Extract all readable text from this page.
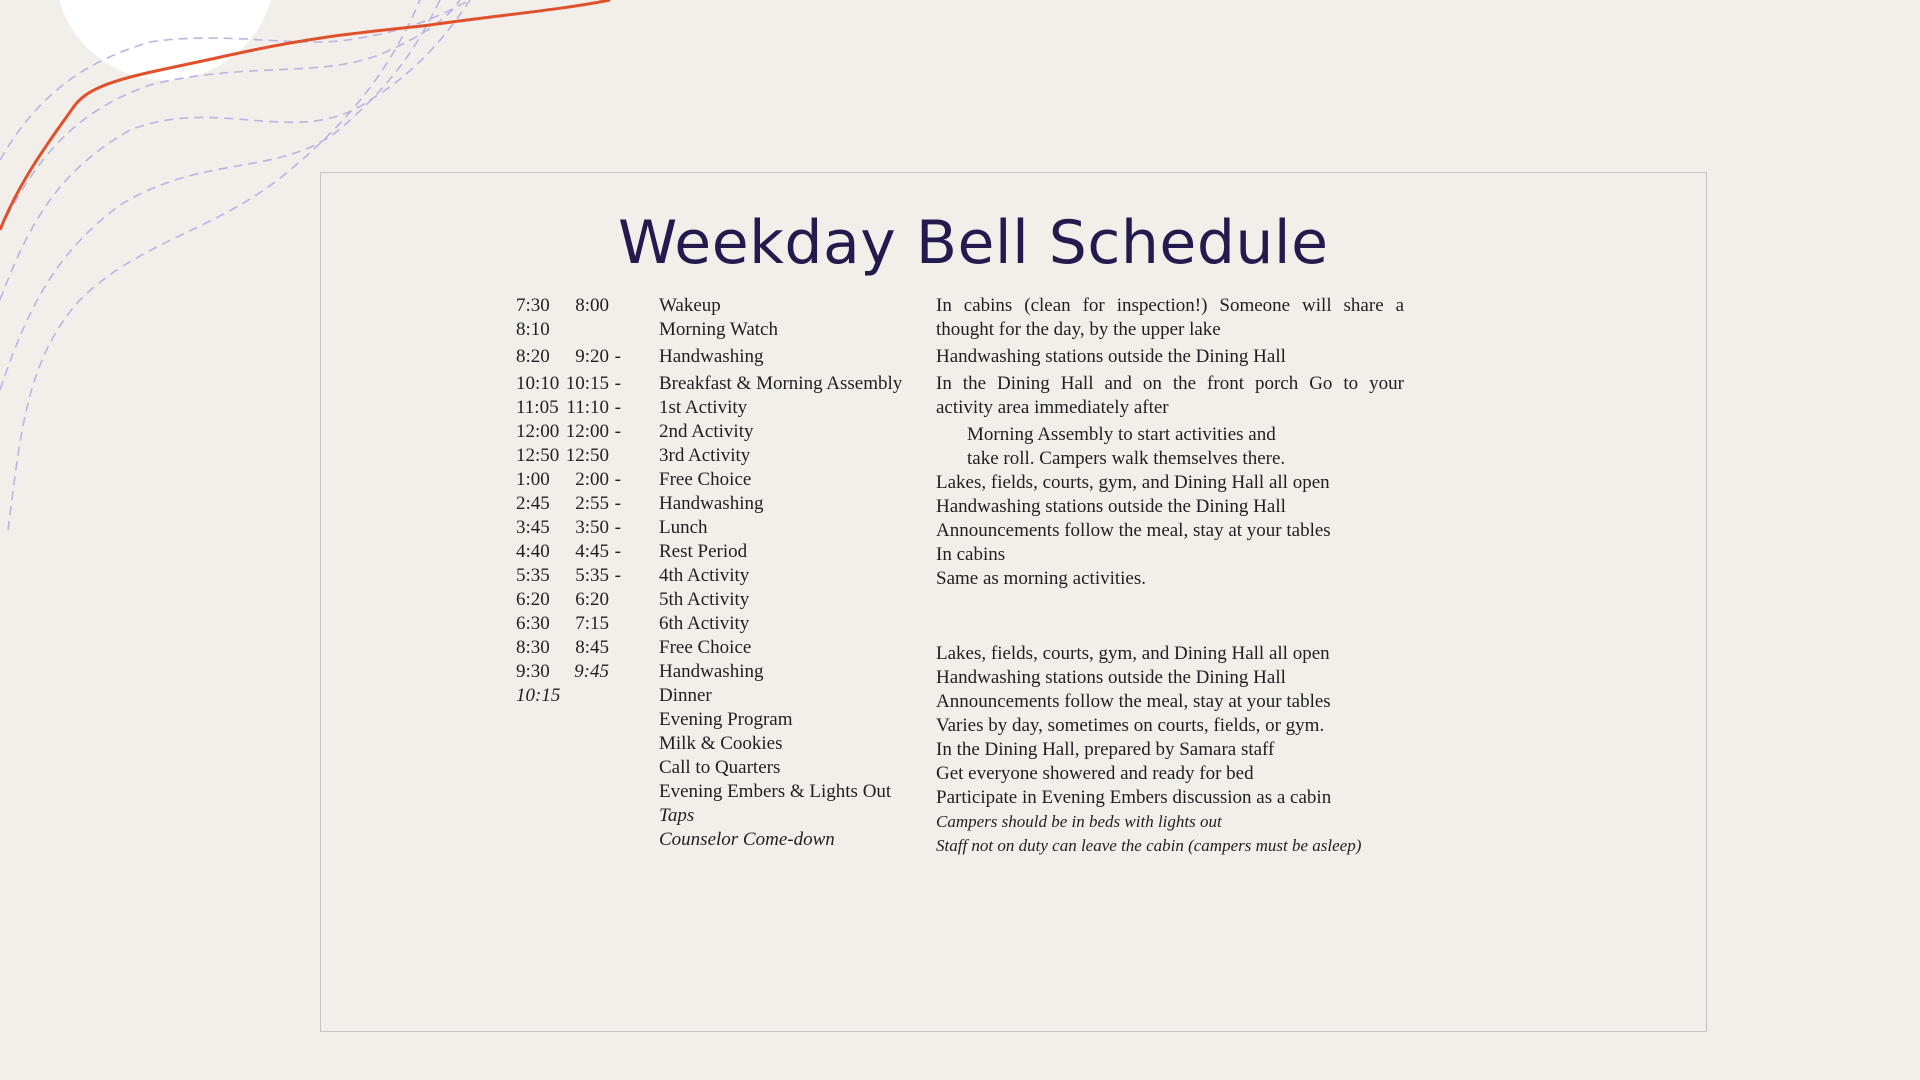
Weekday Bell Schedule
7:30 8:00
8:10
8:20 9:20 -
10:10 10:15 -
11:05 11:10 -
12:00 12:00 -
12:50 12:50
1:00 2:00 -
2:45 2:55 -
3:45 3:50 -
4:40 4:45 -
5:35 5:35 -
6:20 6:20
6:30 7:15
8:30 8:45
9:30 9:45
10:15
Wakeup
Morning Watch
Handwashing
Breakfast & Morning Assembly
1st Activity
2nd Activity
3rd Activity
Free Choice
Handwashing
Lunch
Rest Period
4th Activity
5th Activity
6th Activity
Free Choice
Handwashing
Dinner
Evening Program
Milk & Cookies
Call to Quarters
Evening Embers & Lights Out
Taps
Counselor Come-down
In cabins (clean for inspection!) Someone will share a
thought for the day, by the upper lake
Handwashing stations outside the Dining Hall
In the Dining Hall and on the front porch Go to your
activity area immediately after
Morning Assembly to start activities and
take roll. Campers walk themselves there.
Lakes, fields, courts, gym, and Dining Hall all open
Handwashing stations outside the Dining Hall
Announcements follow the meal, stay at your tables
In cabins
Same as morning activities.
Lakes, fields, courts, gym, and Dining Hall all open
Handwashing stations outside the Dining Hall
Announcements follow the meal, stay at your tables
Varies by day, sometimes on courts, fields, or gym.
In the Dining Hall, prepared by Samara staff
Get everyone showered and ready for bed
Participate in Evening Embers discussion as a cabin
Campers should be in beds with lights out
Staff not on duty can leave the cabin (campers must be asleep)
